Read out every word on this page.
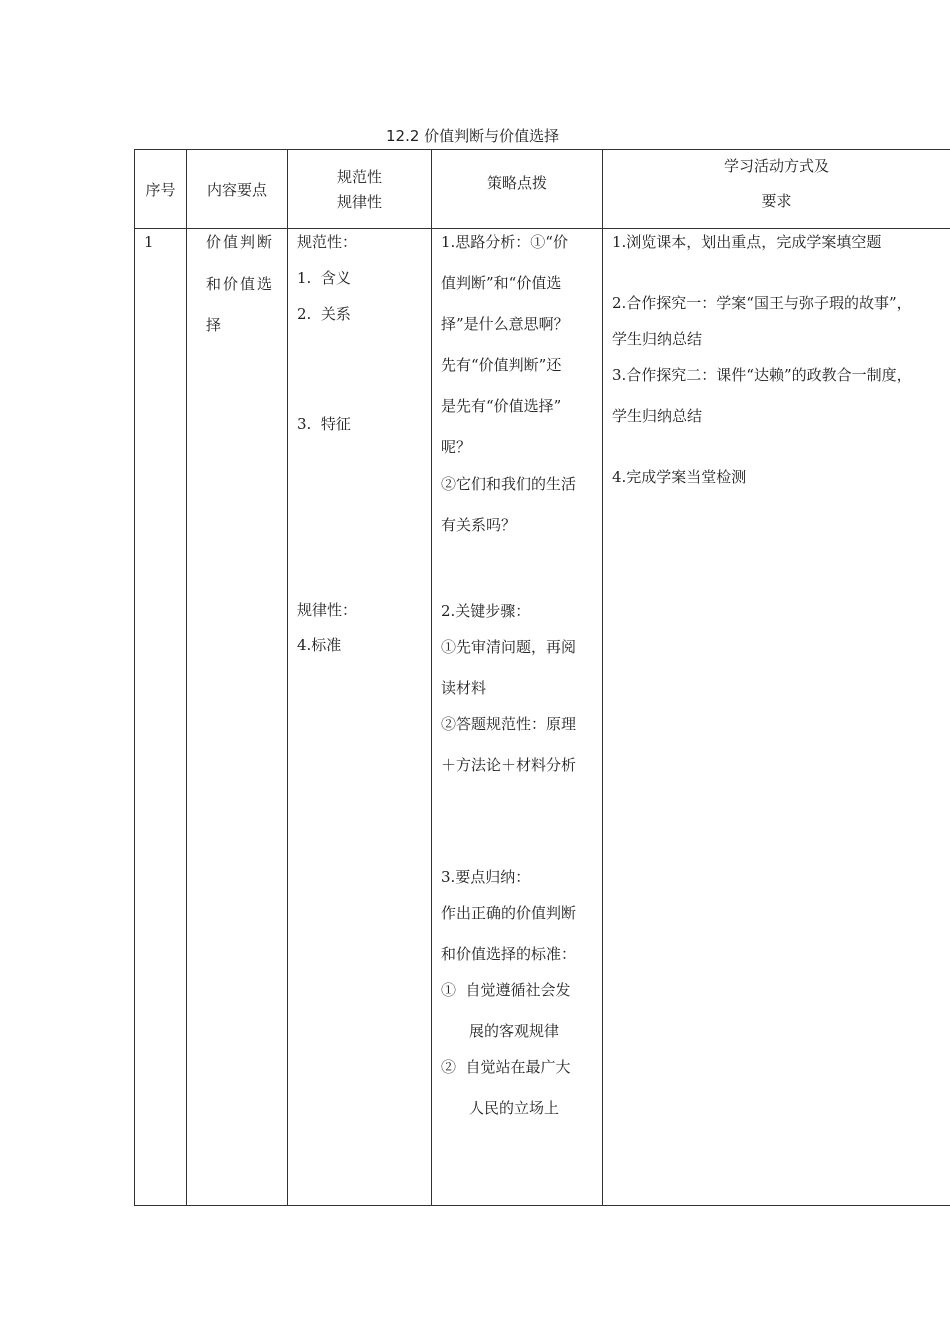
12.2 价值判断与价值选择
序号	内容要点
规范性
规律性
策略点拨
学习活动方式及
要求
1	价值判断
和价值选
择
规范性：
1.  含义
2.  关系
3.  特征
规律性：
4.标准
1.思路分析：①“价
值判断”和“价值选
择”是什么意思啊？
先有“价值判断”还
是先有“价值选择”
呢？
②它们和我们的生活
有关系吗？
2.关键步骤：
①先审清问题，再阅
读材料
②答题规范性：原理
＋方法论＋材料分析
3.要点归纳：
作出正确的价值判断
和价值选择的标准：
①  自觉遵循社会发
展的客观规律
②  自觉站在最广大
人民的立场上
1.浏览课本，划出重点，完成学案填空题
2.合作探究一：学案“国王与弥子瑕的故事”，
学生归纳总结
3.合作探究二：课件“达赖”的政教合一制度，
学生归纳总结
4.完成学案当堂检测
